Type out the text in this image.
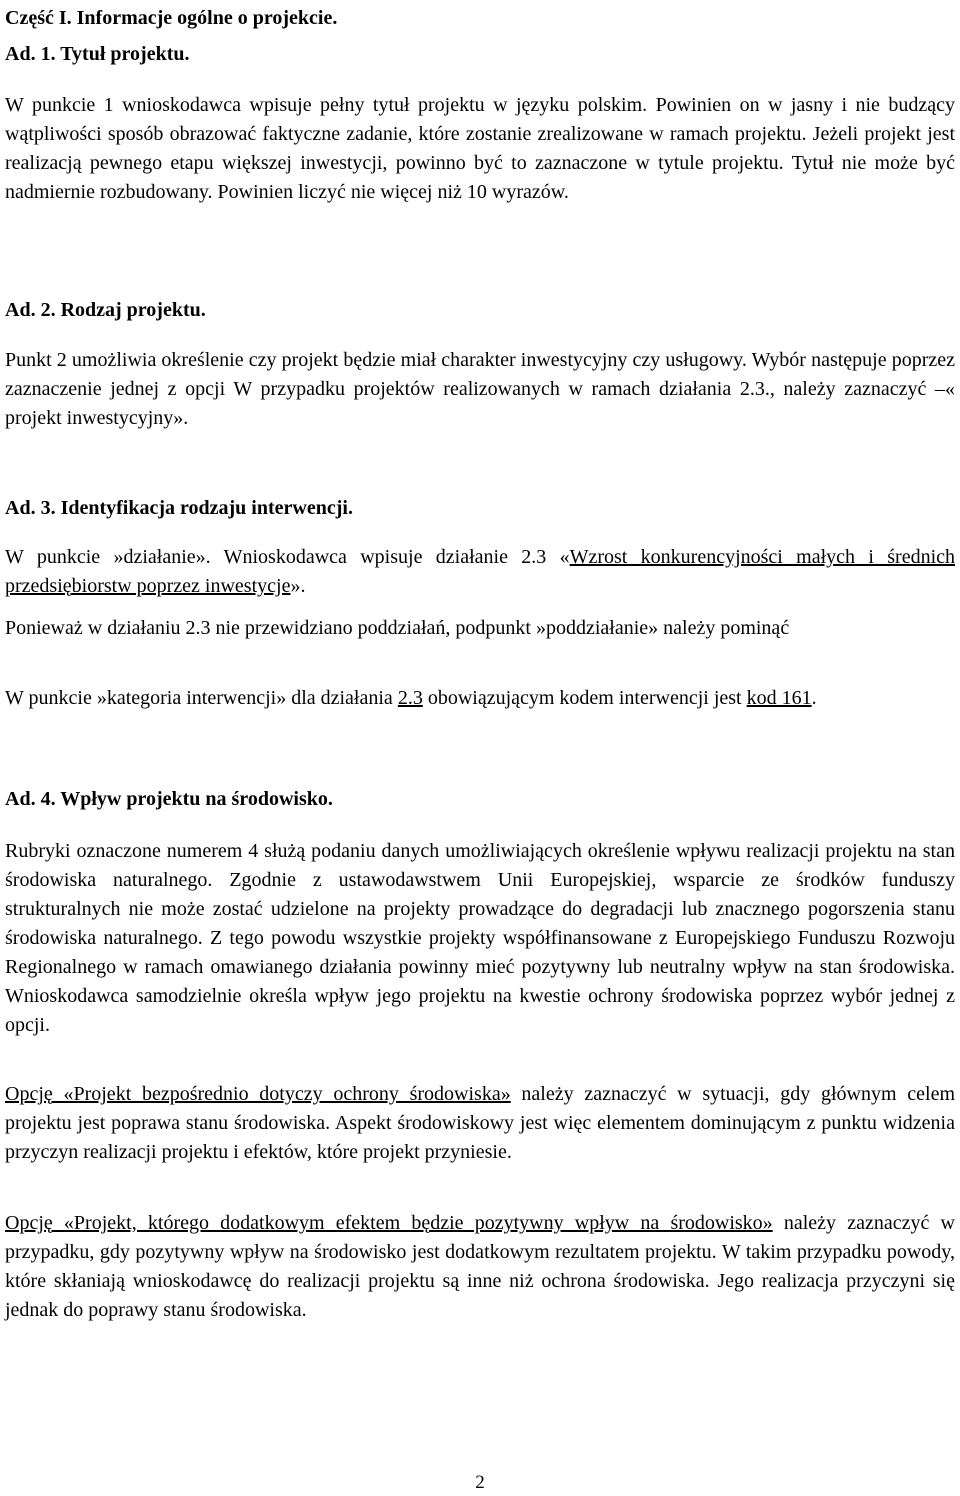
Część I. Informacje ogólne o projekcie.

Ad. 1. Tytuł projektu.

W punkcie 1 wnioskodawca wpisuje pełny tytuł projektu w języku polskim. Powinien on w jasny i nie budzący wątpliwości sposób obrazować faktyczne zadanie, które zostanie zrealizowane w ramach projektu. Jeżeli projekt jest realizacją pewnego etapu większej inwestycji, powinno być to zaznaczone w tytule projektu. Tytuł nie może być nadmiernie rozbudowany. Powinien liczyć nie więcej niż 10 wyrazów.

Ad. 2. Rodzaj projektu.

Punkt 2 umożliwia określenie czy projekt będzie miał charakter inwestycyjny czy usługowy. Wybór następuje poprzez zaznaczenie jednej z opcji W przypadku projektów realizowanych w ramach działania 2.3., należy zaznaczyć –« projekt inwestycyjny».

Ad. 3. Identyfikacja rodzaju interwencji.

W punkcie »działanie». Wnioskodawca wpisuje działanie 2.3 «Wzrost konkurencyjności małych i średnich przedsiębiorstw poprzez inwestycje».

Ponieważ w działaniu 2.3 nie przewidziano poddziałań, podpunkt »poddziałanie» należy pominąć

W punkcie »kategoria interwencji» dla działania 2.3 obowiązującym kodem interwencji jest kod 161.

Ad. 4. Wpływ projektu na środowisko.

Rubryki oznaczone numerem 4 służą podaniu danych umożliwiających określenie wpływu realizacji projektu na stan środowiska naturalnego. Zgodnie z ustawodawstwem Unii Europejskiej, wsparcie ze środków funduszy strukturalnych nie może zostać udzielone na projekty prowadzące do degradacji lub znacznego pogorszenia stanu środowiska naturalnego. Z tego powodu wszystkie projekty współfinansowane z Europejskiego Funduszu Rozwoju Regionalnego w ramach omawianego działania powinny mieć pozytywny lub neutralny wpływ na stan środowiska. Wnioskodawca samodzielnie określa wpływ jego projektu na kwestie ochrony środowiska poprzez wybór jednej z opcji.

Opcję «Projekt bezpośrednio dotyczy ochrony środowiska» należy zaznaczyć w sytuacji, gdy głównym celem projektu jest poprawa stanu środowiska. Aspekt środowiskowy jest więc elementem dominującym z punktu widzenia przyczyn realizacji projektu i efektów, które projekt przyniesie.

Opcję «Projekt, którego dodatkowym efektem będzie pozytywny wpływ na środowisko» należy zaznaczyć w przypadku, gdy pozytywny wpływ na środowisko jest dodatkowym rezultatem projektu. W takim przypadku powody, które skłaniają wnioskodawcę do realizacji projektu są inne niż ochrona środowiska. Jego realizacja przyczyni się jednak do poprawy stanu środowiska.

2
